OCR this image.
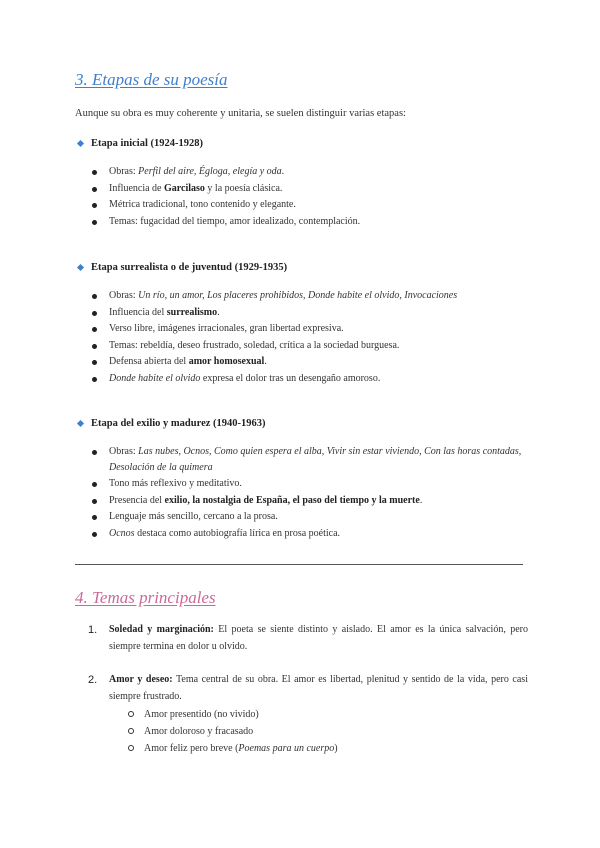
3. Etapas de su poesía

Aunque su obra es muy coherente y unitaria, se suelen distinguir varias etapas:

Etapa inicial (1924-1928)
Obras: Perfil del aire, Égloga, elegía y oda.
Influencia de Garcilaso y la poesía clásica.
Métrica tradicional, tono contenido y elegante.
Temas: fugacidad del tiempo, amor idealizado, contemplación.
Etapa surrealista o de juventud (1929-1935)
Obras: Un río, un amor, Los placeres prohibidos, Donde habite el olvido, Invocaciones
Influencia del surrealismo.
Verso libre, imágenes irracionales, gran libertad expresiva.
Temas: rebeldía, deseo frustrado, soledad, crítica a la sociedad burguesa.
Defensa abierta del amor homosexual.
Donde habite el olvido expresa el dolor tras un desengaño amoroso.
Etapa del exilio y madurez (1940-1963)
Obras: Las nubes, Ocnos, Como quien espera el alba, Vivir sin estar viviendo, Con las horas contadas, Desolación de la quimera
Tono más reflexivo y meditativo.
Presencia del exilio, la nostalgia de España, el paso del tiempo y la muerte.
Lenguaje más sencillo, cercano a la prosa.
Ocnos destaca como autobiografía lírica en prosa poética.
4. Temas principales
1. Soledad y marginación: El poeta se siente distinto y aislado. El amor es la única salvación, pero siempre termina en dolor u olvido.
2. Amor y deseo: Tema central de su obra. El amor es libertad, plenitud y sentido de la vida, pero casi siempre frustrado.
Amor presentido (no vivido)
Amor doloroso y fracasado
Amor feliz pero breve (Poemas para un cuerpo)
